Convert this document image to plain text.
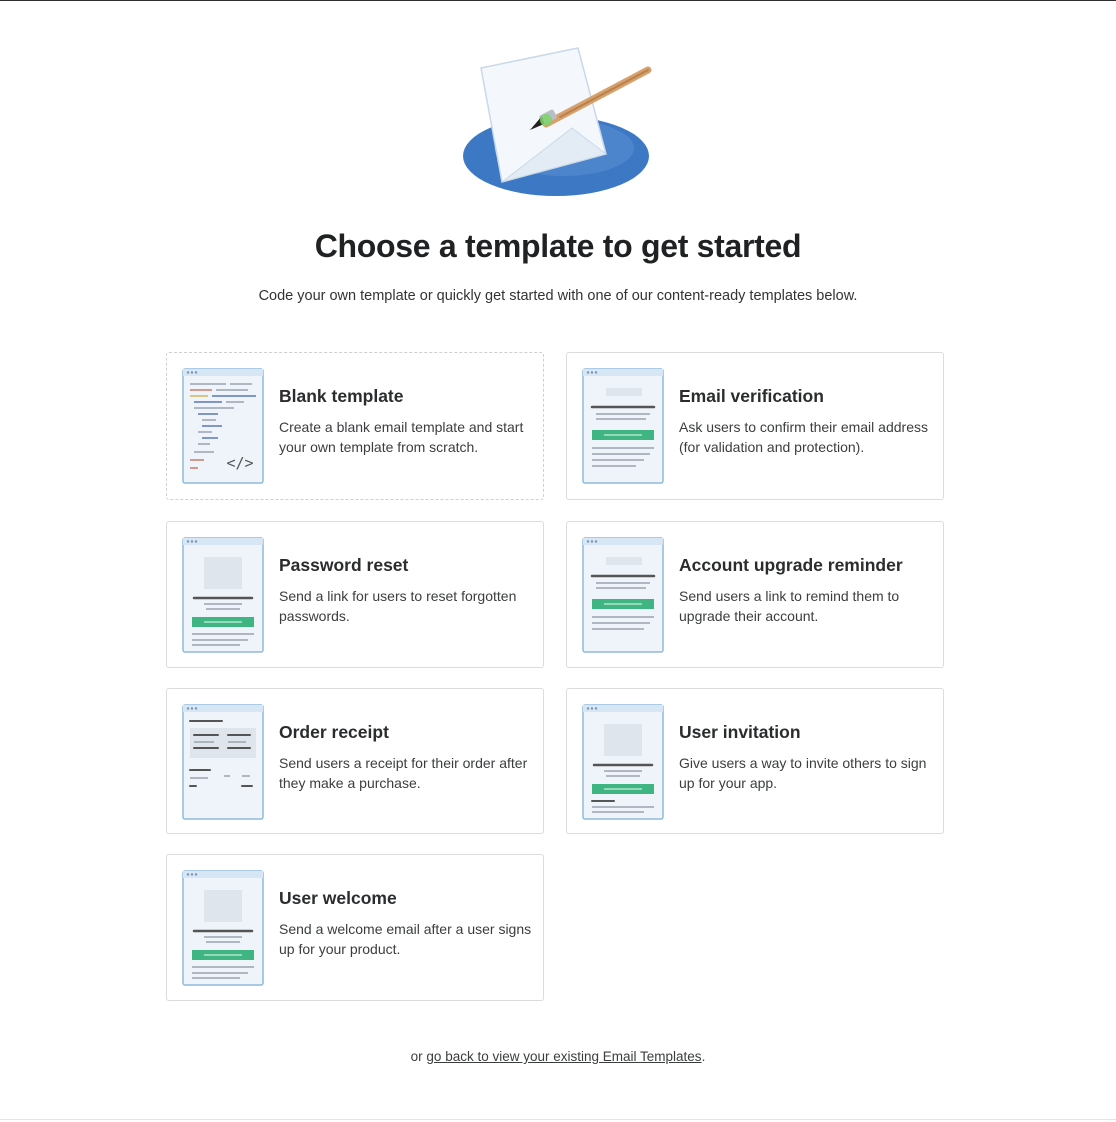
Choose a template to get started

Code your own template or quickly get started with one of our content-ready templates below.

</>
Blank template

Create a blank email template and start your own template from scratch.

Email verification

Ask users to confirm their email address (for validation and protection).

Password reset

Send a link for users to reset forgotten passwords.

Account upgrade reminder

Send users a link to remind them to upgrade their account.

Order receipt

Send users a receipt for their order after they make a purchase.

User invitation

Give users a way to invite others to sign up for your app.

User welcome

Send a welcome email after a user signs up for your product.

or go back to view your existing Email Templates.
